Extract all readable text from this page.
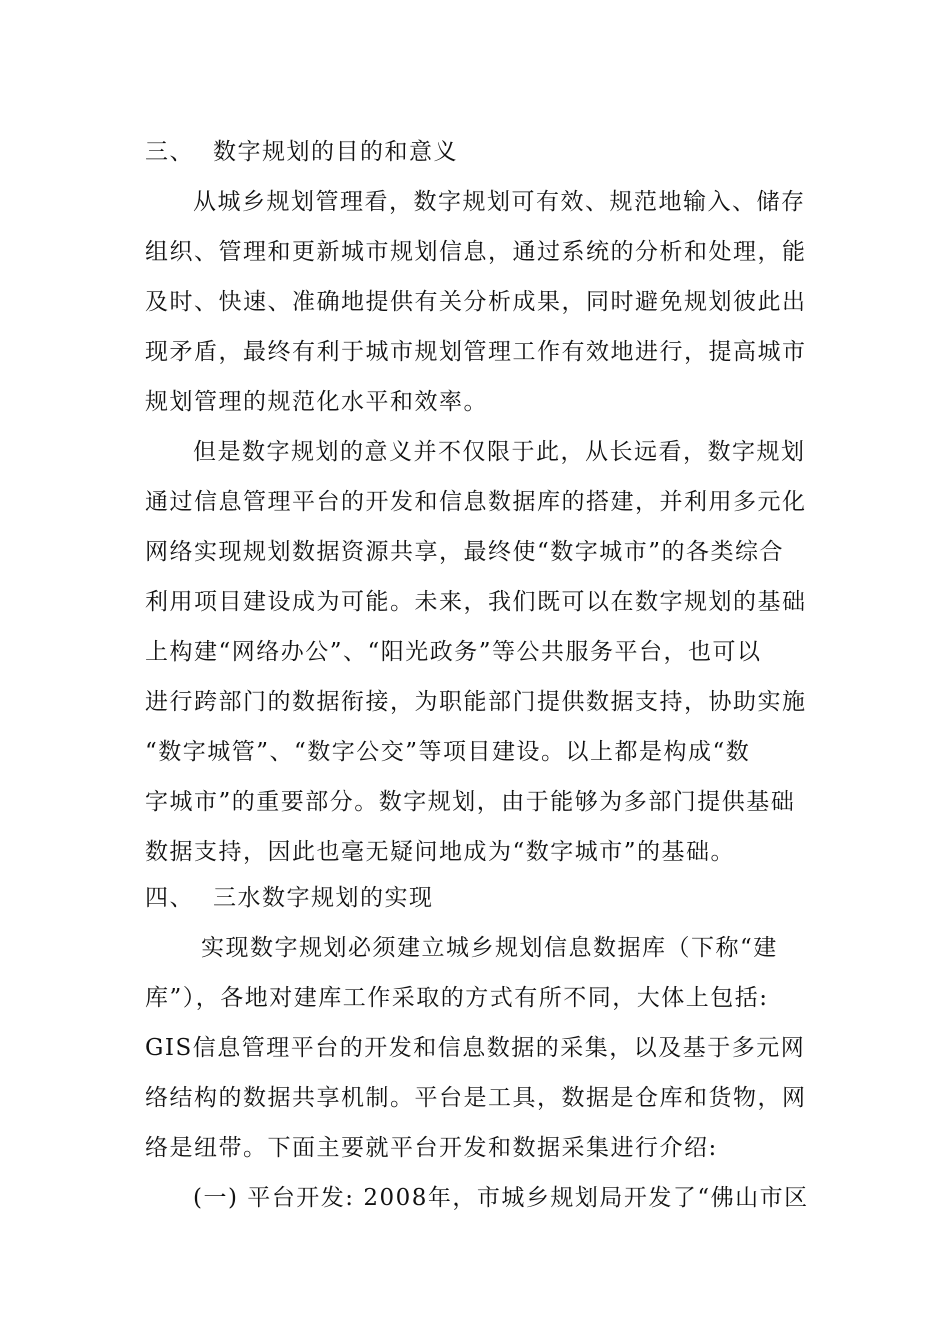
三、 数字规划的目的和意义
从城乡规划管理看，数字规划可有效、规范地输入、储存
组织、管理和更新城市规划信息，通过系统的分析和处理，能
及时、快速、准确地提供有关分析成果，同时避免规划彼此出
现矛盾，最终有利于城市规划管理工作有效地进行，提高城市
规划管理的规范化水平和效率。
但是数字规划的意义并不仅限于此，从长远看，数字规划
通过信息管理平台的开发和信息数据库的搭建，并利用多元化
网络实现规划数据资源共享，最终使“数字城市”的各类综合
利用项目建设成为可能。未来，我们既可以在数字规划的基础
上构建“网络办公”、“阳光政务”等公共服务平台，也可以
进行跨部门的数据衔接，为职能部门提供数据支持，协助实施
“数字城管”、“数字公交”等项目建设。以上都是构成“数
字城市”的重要部分。数字规划，由于能够为多部门提供基础
数据支持，因此也毫无疑问地成为“数字城市”的基础。
四、 三水数字规划的实现
实现数字规划必须建立城乡规划信息数据库（下称“建
库”），各地对建库工作采取的方式有所不同，大体上包括:
GIS信息管理平台的开发和信息数据的采集，以及基于多元网
络结构的数据共享机制。平台是工具，数据是仓库和货物，网
络是纽带。下面主要就平台开发和数据采集进行介绍:
(一) 平台开发: 2008年，市城乡规划局开发了“佛山市区
